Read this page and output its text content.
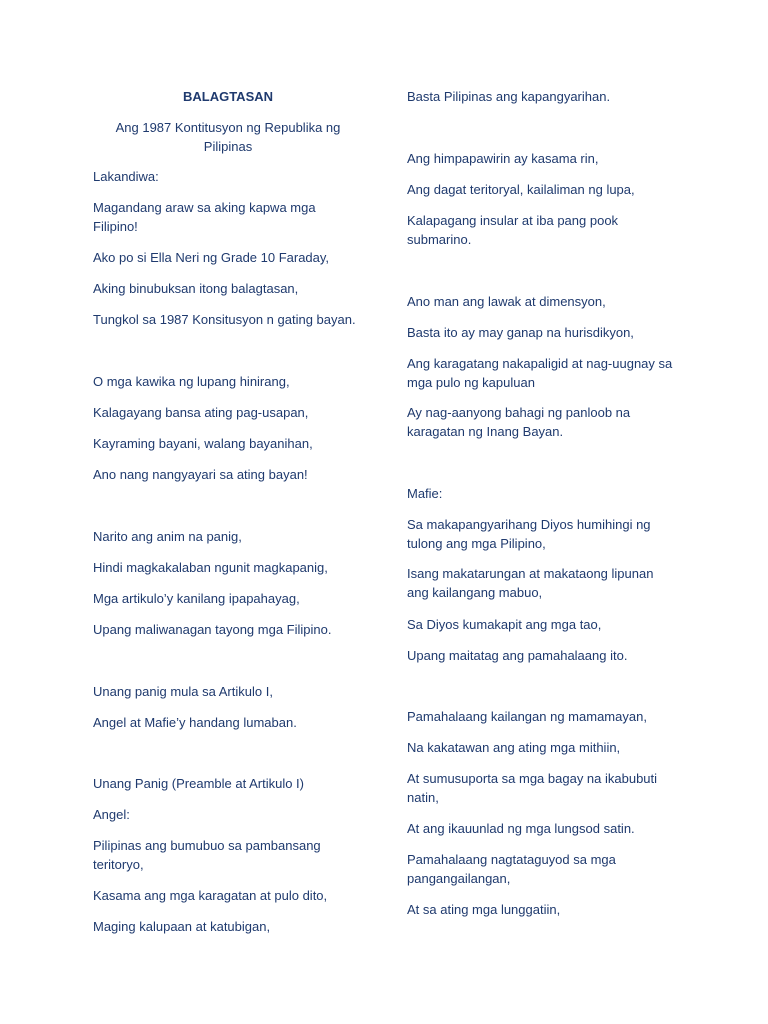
BALAGTASAN
Ang 1987 Kontitusyon ng Republika ng Pilipinas
Lakandiwa:
Magandang araw sa aking kapwa mga Filipino!
Ako po si Ella Neri ng Grade 10 Faraday,
Aking binubuksan itong balagtasan,
Tungkol sa 1987 Konsitusyon n gating bayan.
O mga kawika ng lupang hinirang,
Kalagayang bansa ating pag-usapan,
Kayraming bayani, walang bayanihan,
Ano nang nangyayari sa ating bayan!
Narito ang anim na panig,
Hindi magkakalaban ngunit magkapanig,
Mga artikulo’y kanilang ipapahayag,
Upang maliwanagan tayong mga Filipino.
Unang panig mula sa Artikulo I,
Angel at Mafie’y handang lumaban.
Unang Panig (Preamble at Artikulo I)
Angel:
Pilipinas ang bumubuo sa pambansang teritoryo,
Kasama ang mga karagatan at pulo dito,
Maging kalupaan at katubigan,
Basta Pilipinas ang kapangyarihan.
Ang himpapawirin ay kasama rin,
Ang dagat teritoryal, kailaliman ng lupa,
Kalapagang insular at iba pang pook submarino.
Ano man ang lawak at dimensyon,
Basta ito ay may ganap na hurisdikyon,
Ang karagatang nakapaligid at nag-uugnay sa mga pulo ng kapuluan
Ay nag-aanyong bahagi ng panloob na karagatan ng Inang Bayan.
Mafie:
Sa makapangyarihang Diyos humihingi ng tulong ang mga Pilipino,
Isang makatarungan at makataong lipunan ang kailangang mabuo,
Sa Diyos kumakapit ang mga tao,
Upang maitatag ang pamahalaang ito.
Pamahalaang kailangan ng mamamayan,
Na kakatawan ang ating mga mithiin,
At sumusuporta sa mga bagay na ikabubuti natin,
At ang ikauunlad ng mga lungsod satin.
Pamahalaang nagtataguyod sa mga pangangailangan,
At sa ating mga lunggatiin,
